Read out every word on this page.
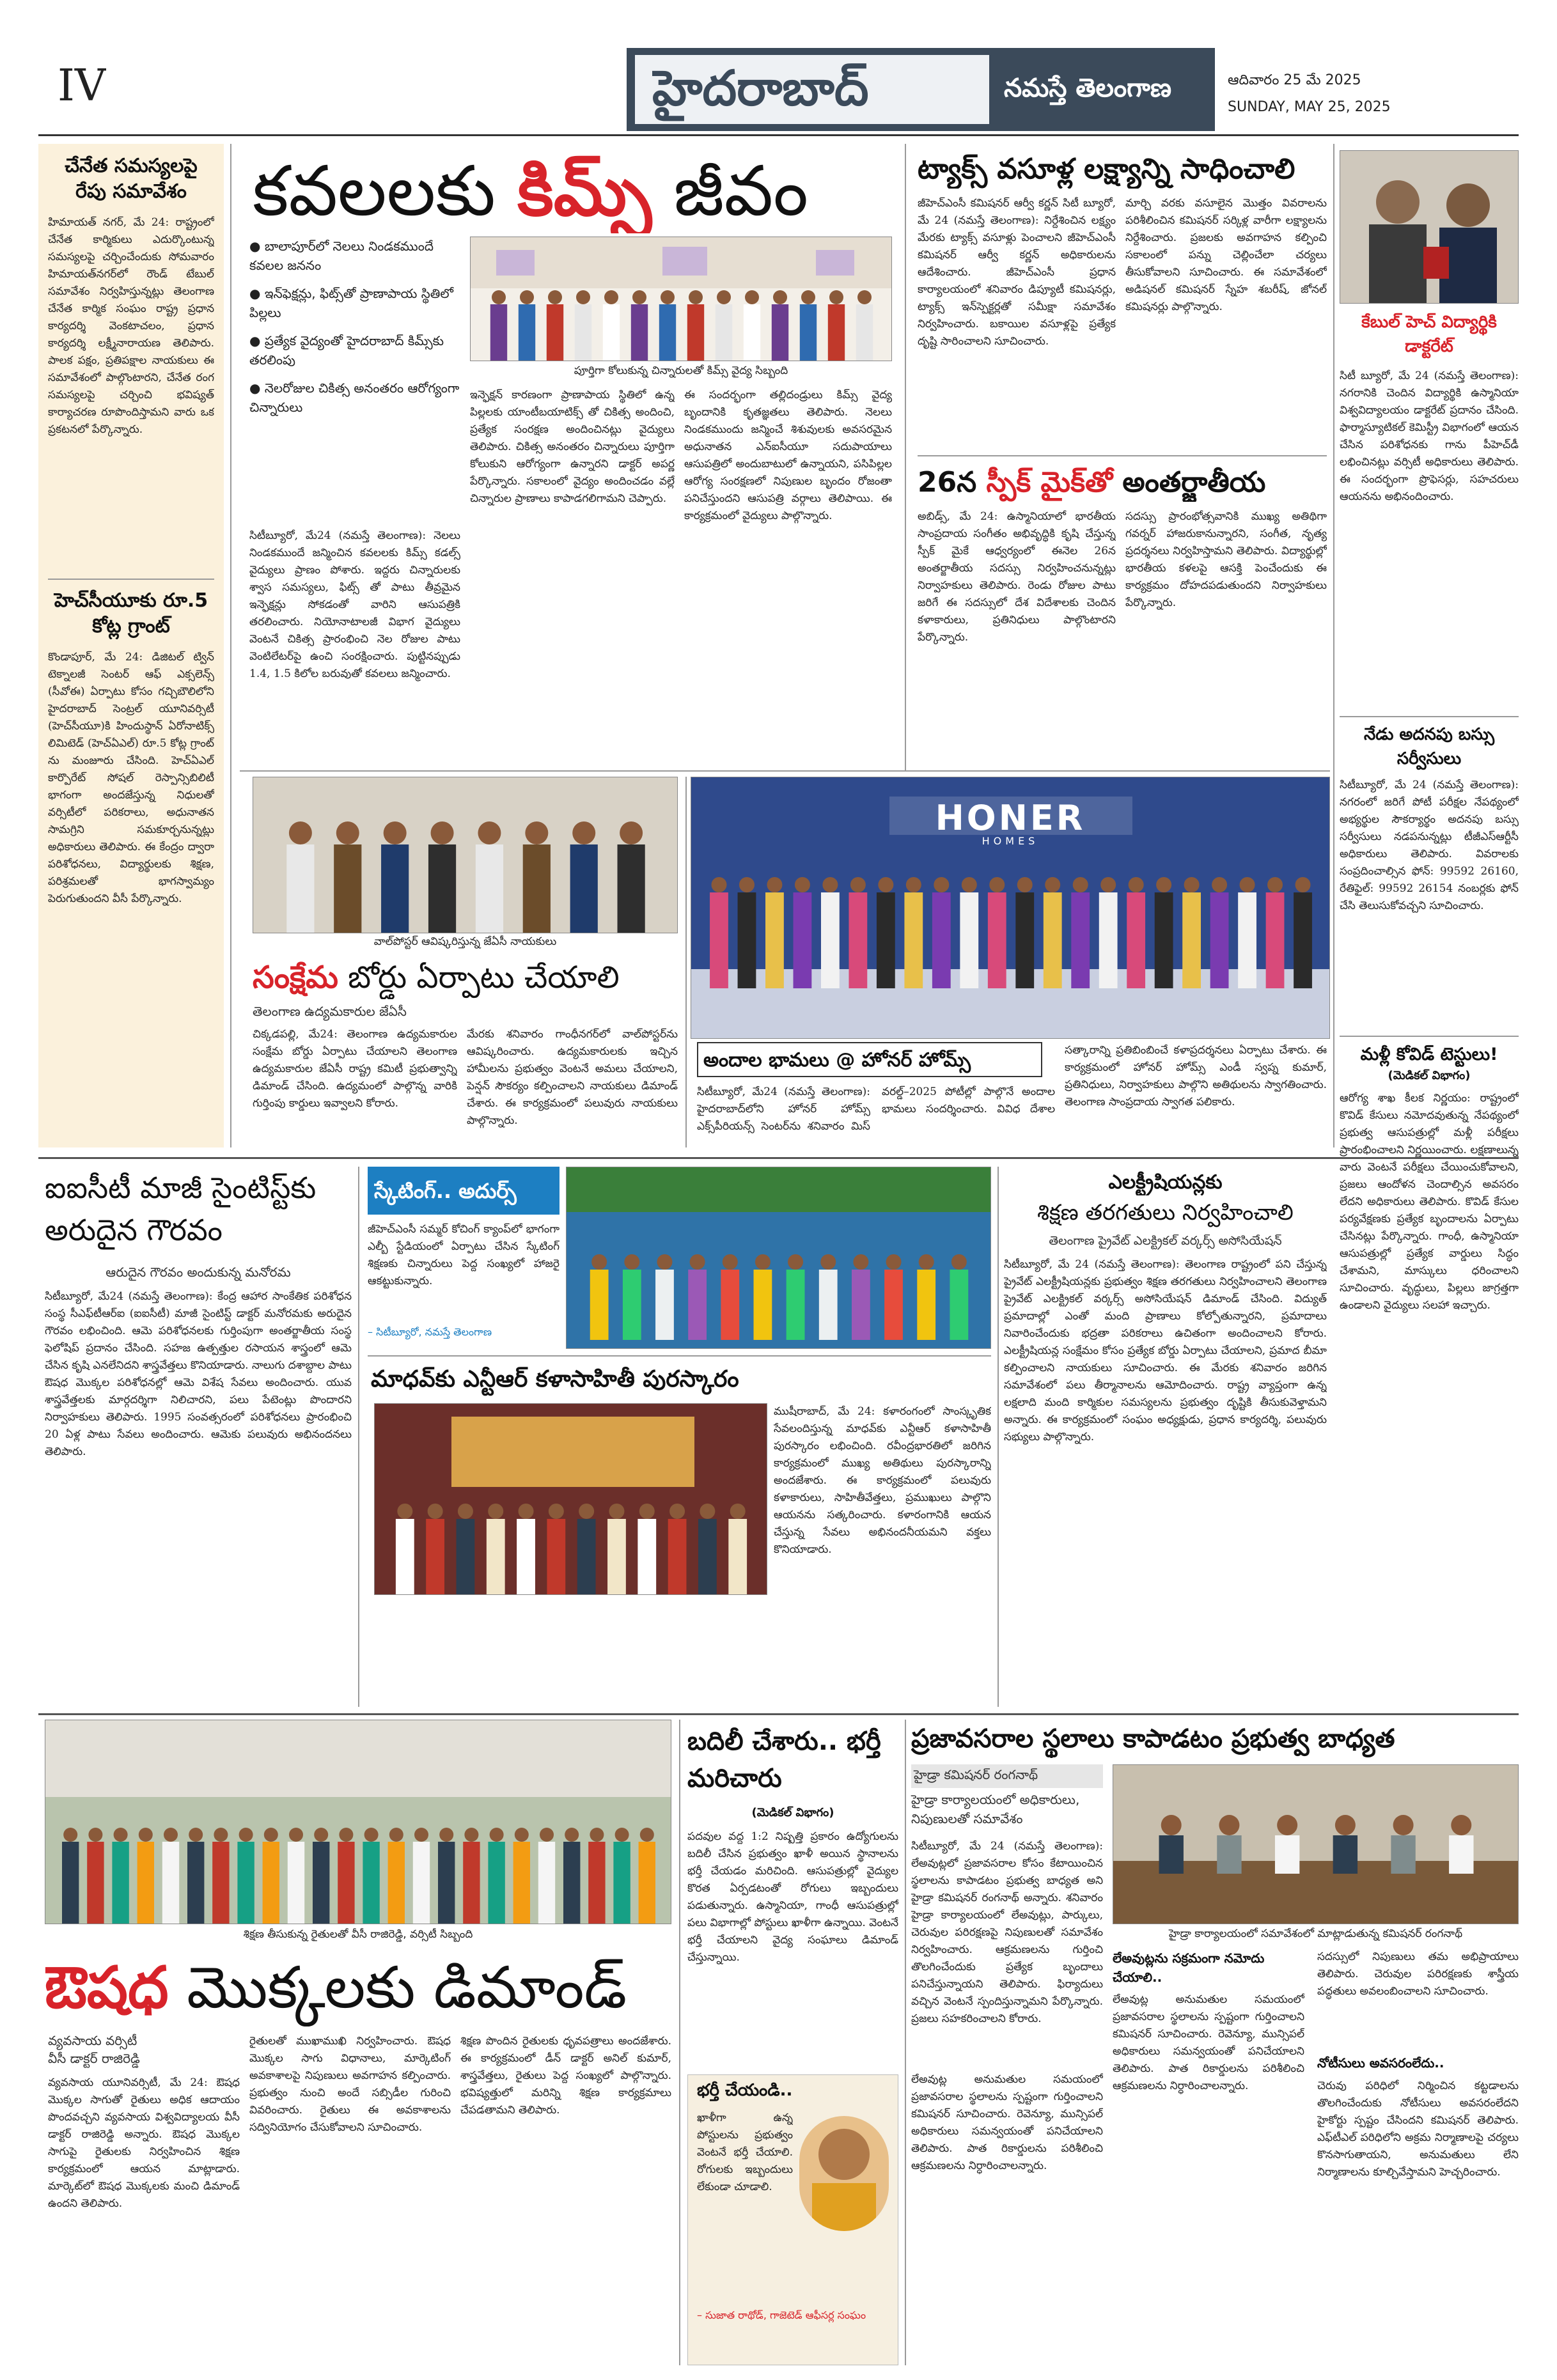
IV	హైదరాబాద్	నమస్తే తెలంగాణ	ఆదివారం 25 మే 2025
SUNDAY, MAY 25, 2025
చేనేత సమస్యలపై రేపు సమావేశం
హిమాయత్ నగర్, మే 24: రాష్ట్రంలో చేనేత కార్మికులు ఎదుర్కొంటున్న సమస్యలపై చర్చించేందుకు సోమవారం హిమాయత్‌నగర్‌లో రౌండ్ టేబుల్ సమావేశం నిర్వహిస్తున్నట్లు తెలంగాణ చేనేత కార్మిక సంఘం రాష్ట్ర ప్రధాన కార్యదర్శి వెంకటాచలం, ప్రధాన కార్యదర్శి లక్ష్మీనారాయణ తెలిపారు. పాలక పక్షం, ప్రతిపక్షాల నాయకులు ఈ సమావేశంలో పాల్గొంటారని, చేనేత రంగ సమస్యలపై చర్చించి భవిష్యత్ కార్యాచరణ రూపొందిస్తామని వారు ఒక ప్రకటనలో పేర్కొన్నారు.
హెచ్‌సీయూకు రూ.5 కోట్ల గ్రాంట్
కొండాపూర్, మే 24: డిజిటల్ ట్విన్ టెక్నాలజీ సెంటర్ ఆఫ్ ఎక్సలెన్స్ (సీవోఈ) ఏర్పాటు కోసం గచ్చిబౌలిలోని హైదరాబాద్ సెంట్రల్ యూనివర్సిటీ (హెచ్‌సీయూ)కి హిందుస్థాన్ ఏరోనాటిక్స్ లిమిటెడ్ (హెచ్‌ఏఎల్) రూ.5 కోట్ల గ్రాంట్ ను మంజూరు చేసింది. హెచ్‌ఏఎల్ కార్పొరేట్ సోషల్ రెస్పాన్సిబిలిటీ భాగంగా అందజేస్తున్న నిధులతో వర్సిటీలో పరికరాలు, అధునాతన సామగ్రిని సమకూర్చనున్నట్లు అధికారులు తెలిపారు. ఈ కేంద్రం ద్వారా పరిశోధనలు, విద్యార్థులకు శిక్షణ, పరిశ్రమలతో భాగస్వామ్యం పెరుగుతుందని వీసీ పేర్కొన్నారు.
కవలలకు కిమ్స్ జీవం
● బాలాపూర్‌లో నెలలు నిండకముందే కవలల జననం
● ఇన్‌ఫెక్షన్లు, ఫిట్స్‌తో ప్రాణాపాయ స్థితిలో పిల్లలు
● ప్రత్యేక వైద్యంతో హైదరాబాద్ కిమ్స్‌కు తరలింపు
● నెలరోజుల చికిత్స అనంతరం ఆరోగ్యంగా చిన్నారులు
పూర్తిగా కోలుకున్న చిన్నారులతో కిమ్స్ వైద్య సిబ్బంది
సిటీబ్యూరో, మే24 (నమస్తే తెలంగాణ): నెలలు నిండకముందే జన్మించిన కవలలకు కిమ్స్ కడల్స్ వైద్యులు ప్రాణం పోశారు. ఇద్దరు చిన్నారులకు శ్వాస సమస్యలు, ఫిట్స్ తో పాటు తీవ్రమైన ఇన్ఫెక్షన్లు సోకడంతో వారిని ఆసుపత్రికి తరలించారు. నియోనాటాలజీ విభాగ వైద్యులు వెంటనే చికిత్స ప్రారంభించి నెల రోజుల పాటు వెంటిలేటర్‌పై ఉంచి సంరక్షించారు. పుట్టినప్పుడు 1.4, 1.5 కిలోల బరువుతో కవలలు జన్మించారు.
ఇన్ఫెక్షన్ కారణంగా ప్రాణాపాయ స్థితిలో ఉన్న పిల్లలకు యాంటీబయాటిక్స్ తో చికిత్స అందించి, ప్రత్యేక సంరక్షణ అందించినట్లు వైద్యులు తెలిపారు. చికిత్స అనంతరం చిన్నారులు పూర్తిగా కోలుకుని ఆరోగ్యంగా ఉన్నారని డాక్టర్ అపర్ణ పేర్కొన్నారు. సకాలంలో వైద్యం అందించడం వల్లే చిన్నారుల ప్రాణాలు కాపాడగలిగామని చెప్పారు.
ఈ సందర్భంగా తల్లిదండ్రులు కిమ్స్ వైద్య బృందానికి కృతజ్ఞతలు తెలిపారు. నెలలు నిండకముందు జన్మించే శిశువులకు అవసరమైన అధునాతన ఎన్‌ఐసీయూ సదుపాయాలు ఆసుపత్రిలో అందుబాటులో ఉన్నాయని, పసిపిల్లల ఆరోగ్య సంరక్షణలో నిపుణుల బృందం రోజంతా పనిచేస్తుందని ఆసుపత్రి వర్గాలు తెలిపాయి. ఈ కార్యక్రమంలో వైద్యులు పాల్గొన్నారు.
ట్యాక్స్ వసూళ్ల లక్ష్యాన్ని సాధించాలి
జీహెచ్ఎంసీ కమిషనర్ ఆర్వీ కర్ణన్ సిటీ బ్యూరో, మే 24 (నమస్తే తెలంగాణ): నిర్దేశించిన లక్ష్యం మేరకు ట్యాక్స్ వసూళ్లు పెంచాలని జీహెచ్‌ఎంసీ కమిషనర్ ఆర్వీ కర్ణన్ అధికారులను ఆదేశించారు. జీహెచ్‌ఎంసీ ప్రధాన కార్యాలయంలో శనివారం డిప్యూటీ కమిషనర్లు, ట్యాక్స్ ఇన్‌స్పెక్టర్లతో సమీక్షా సమావేశం నిర్వహించారు. బకాయిల వసూళ్లపై ప్రత్యేక దృష్టి సారించాలని సూచించారు.
మార్చి వరకు వసూలైన మొత్తం వివరాలను పరిశీలించిన కమిషనర్ సర్కిళ్ల వారీగా లక్ష్యాలను నిర్దేశించారు. ప్రజలకు అవగాహన కల్పించి సకాలంలో పన్ను చెల్లించేలా చర్యలు తీసుకోవాలని సూచించారు. ఈ సమావేశంలో అడిషనల్ కమిషనర్ స్నేహ శబరీష్, జోనల్ కమిషనర్లు పాల్గొన్నారు.
26న స్పీక్ మైక్‌తో అంతర్జాతీయ
అబిడ్స్, మే 24: ఉస్మానియాలో భారతీయ సాంప్రదాయ సంగీతం అభివృద్ధికి కృషి చేస్తున్న స్పీక్ మైకే ఆధ్వర్యంలో ఈనెల 26న అంతర్జాతీయ సదస్సు నిర్వహించనున్నట్లు నిర్వాహకులు తెలిపారు. రెండు రోజుల పాటు జరిగే ఈ సదస్సులో దేశ విదేశాలకు చెందిన కళాకారులు, ప్రతినిధులు పాల్గొంటారని పేర్కొన్నారు.
సదస్సు ప్రారంభోత్సవానికి ముఖ్య అతిథిగా గవర్నర్ హాజరుకానున్నారని, సంగీత, నృత్య ప్రదర్శనలు నిర్వహిస్తామని తెలిపారు. విద్యార్థుల్లో భారతీయ కళలపై ఆసక్తి పెంచేందుకు ఈ కార్యక్రమం దోహదపడుతుందని నిర్వాహకులు పేర్కొన్నారు.
కేబుల్ హెచ్ విద్యార్థికి డాక్టరేట్
సిటీ బ్యూరో, మే 24 (నమస్తే తెలంగాణ): నగరానికి చెందిన విద్యార్థికి ఉస్మానియా విశ్వవిద్యాలయం డాక్టరేట్ ప్రదానం చేసింది. ఫార్మాస్యూటికల్ కెమిస్ట్రీ విభాగంలో ఆయన చేసిన పరిశోధనకు గాను పీహెచ్‌డీ లభించినట్లు వర్సిటీ అధికారులు తెలిపారు. ఈ సందర్భంగా ప్రొఫెసర్లు, సహచరులు ఆయనను అభినందించారు.
నేడు అదనపు బస్సు సర్వీసులు
సిటీబ్యూరో, మే 24 (నమస్తే తెలంగాణ): నగరంలో జరిగే పోటీ పరీక్షల నేపథ్యంలో అభ్యర్థుల సౌకర్యార్థం అదనపు బస్సు సర్వీసులు నడపనున్నట్లు టీజీఎస్ఆర్టీసీ అధికారులు తెలిపారు. వివరాలకు సంప్రదించాల్సిన ఫోన్: 99592 26160, రేతిఫైల్: 99592 26154 నంబర్లకు ఫోన్ చేసి తెలుసుకోవచ్చని సూచించారు.
మళ్లీ కోవిడ్ టెస్టులు!
(మెడికల్ విభాగం)
ఆరోగ్య శాఖ కీలక నిర్ణయం: రాష్ట్రంలో కొవిడ్ కేసులు నమోదవుతున్న నేపథ్యంలో ప్రభుత్వ ఆసుపత్రుల్లో మళ్లీ పరీక్షలు ప్రారంభించాలని నిర్ణయించారు. లక్షణాలున్న వారు వెంటనే పరీక్షలు చేయించుకోవాలని, ప్రజలు ఆందోళన చెందాల్సిన అవసరం లేదని అధికారులు తెలిపారు. కొవిడ్ కేసుల పర్యవేక్షణకు ప్రత్యేక బృందాలను ఏర్పాటు చేసినట్లు పేర్కొన్నారు. గాంధీ, ఉస్మానియా ఆసుపత్రుల్లో ప్రత్యేక వార్డులు సిద్ధం చేశామని, మాస్కులు ధరించాలని సూచించారు. వృద్ధులు, పిల్లలు జాగ్రత్తగా ఉండాలని వైద్యులు సలహా ఇచ్చారు.
వాల్‌పోస్టర్ ఆవిష్కరిస్తున్న జేఏసీ నాయకులు
సంక్షేమ బోర్డు ఏర్పాటు చేయాలి
తెలంగాణ ఉద్యమకారుల జేఏసీ
చిక్కడపల్లి, మే24: తెలంగాణ ఉద్యమకారుల సంక్షేమ బోర్డు ఏర్పాటు చేయాలని తెలంగాణ ఉద్యమకారుల జేఏసీ రాష్ట్ర కమిటీ ప్రభుత్వాన్ని డిమాండ్ చేసింది. ఉద్యమంలో పాల్గొన్న వారికి గుర్తింపు కార్డులు ఇవ్వాలని కోరారు.
మేరకు శనివారం గాంధీనగర్‌లో వాల్‌పోస్టర్‌ను ఆవిష్కరించారు. ఉద్యమకారులకు ఇచ్చిన హామీలను ప్రభుత్వం వెంటనే అమలు చేయాలని, పెన్షన్ సౌకర్యం కల్పించాలని నాయకులు డిమాండ్ చేశారు. ఈ కార్యక్రమంలో పలువురు నాయకులు పాల్గొన్నారు.
HONER
HOMES
అందాల భామలు @ హోనర్ హోమ్స్
సిటీబ్యూరో, మే24 (నమస్తే తెలంగాణ): హైదరాబాద్‌లోని హోనర్ హోమ్స్ ఎక్స్‌పీరియన్స్ సెంటర్‌ను శనివారం మిస్ వరల్డ్–2025 పోటీల్లో పాల్గొనే అందాల భామలు సందర్శించారు. వివిధ దేశాల
సత్కారాన్ని ప్రతిబింబించే కళాప్రదర్శనలు ఏర్పాటు చేశారు. ఈ కార్యక్రమంలో హోనర్ హోమ్స్ ఎండీ స్వప్న కుమార్, ప్రతినిధులు, నిర్వాహకులు పాల్గొని అతిథులను స్వాగతించారు. తెలంగాణ సాంప్రదాయ స్వాగత పలికారు.
ఐఐసీటీ మాజీ సైంటిస్ట్‌కు అరుదైన గౌరవం
ఆరుదైన గౌరవం అందుకున్న మనోరమ
సిటీబ్యూరో, మే24 (నమస్తే తెలంగాణ): కేంద్ర ఆహార సాంకేతిక పరిశోధన సంస్థ సీఎఫ్‌టీఆర్ఐ (ఐఐసీటీ) మాజీ సైంటిస్ట్ డాక్టర్ మనోరమకు అరుదైన గౌరవం లభించింది. ఆమె పరిశోధనలకు గుర్తింపుగా అంతర్జాతీయ సంస్థ ఫెలోషిప్ ప్రదానం చేసింది. సహజ ఉత్పత్తుల రసాయన శాస్త్రంలో ఆమె చేసిన కృషి ఎనలేనిదని శాస్త్రవేత్తలు కొనియాడారు. నాలుగు దశాబ్దాల పాటు ఔషధ మొక్కల పరిశోధనల్లో ఆమె విశేష సేవలు అందించారు. యువ శాస్త్రవేత్తలకు మార్గదర్శిగా నిలిచారని, పలు పేటెంట్లు పొందారని నిర్వాహకులు తెలిపారు. 1995 సంవత్సరంలో పరిశోధనలు ప్రారంభించి 20 ఏళ్ల పాటు సేవలు అందించారు. ఆమెకు పలువురు అభినందనలు తెలిపారు.
స్కేటింగ్.. అదుర్స్
జీహెచ్‌ఎంసీ సమ్మర్ కోచింగ్ క్యాంప్‌లో భాగంగా ఎల్బీ స్టేడియంలో ఏర్పాటు చేసిన స్కేటింగ్ శిక్షణకు చిన్నారులు పెద్ద సంఖ్యలో హాజరై ఆకట్టుకున్నారు.
– సిటీబ్యూరో, నమస్తే తెలంగాణ
ఎలక్ట్రీషియన్లకు
శిక్షణ తరగతులు నిర్వహించాలి
తెలంగాణ ప్రైవేట్ ఎలక్ట్రికల్ వర్కర్స్ అసోసియేషన్
సిటీబ్యూరో, మే 24 (నమస్తే తెలంగాణ): తెలంగాణ రాష్ట్రంలో పని చేస్తున్న ప్రైవేట్ ఎలక్ట్రీషియన్లకు ప్రభుత్వం శిక్షణ తరగతులు నిర్వహించాలని తెలంగాణ ప్రైవేట్ ఎలక్ట్రికల్ వర్కర్స్ అసోసియేషన్ డిమాండ్ చేసింది. విద్యుత్ ప్రమాదాల్లో ఎంతో మంది ప్రాణాలు కోల్పోతున్నారని, ప్రమాదాలు నివారించేందుకు భద్రతా పరికరాలు ఉచితంగా అందించాలని కోరారు. ఎలక్ట్రీషియన్ల సంక్షేమం కోసం ప్రత్యేక బోర్డు ఏర్పాటు చేయాలని, ప్రమాద బీమా కల్పించాలని నాయకులు సూచించారు. ఈ మేరకు శనివారం జరిగిన సమావేశంలో పలు తీర్మానాలను ఆమోదించారు. రాష్ట్ర వ్యాప్తంగా ఉన్న లక్షలాది మంది కార్మికుల సమస్యలను ప్రభుత్వం దృష్టికి తీసుకువెళ్తామని అన్నారు. ఈ కార్యక్రమంలో సంఘం అధ్యక్షుడు, ప్రధాన కార్యదర్శి, పలువురు సభ్యులు పాల్గొన్నారు.
మాధవ్‌కు ఎన్టీఆర్ కళాసాహితీ పురస్కారం
ముషీరాబాద్, మే 24: కళారంగంలో సాంస్కృతిక సేవలందిస్తున్న మాధవ్‌కు ఎన్టీఆర్ కళాసాహితీ పురస్కారం లభించింది. రవీంద్రభారతిలో జరిగిన కార్యక్రమంలో ముఖ్య అతిథులు పురస్కారాన్ని అందజేశారు. ఈ కార్యక్రమంలో పలువురు కళాకారులు, సాహితీవేత్తలు, ప్రముఖులు పాల్గొని ఆయనను సత్కరించారు. కళారంగానికి ఆయన చేస్తున్న సేవలు అభినందనీయమని వక్తలు కొనియాడారు.
శిక్షణ తీసుకున్న రైతులతో వీసీ రాజిరెడ్డి, వర్సిటీ సిబ్బంది
ఔషధ మొక్కలకు డిమాండ్
వ్యవసాయ వర్సిటీ
వీసీ డాక్టర్ రాజిరెడ్డి
వ్యవసాయ యూనివర్సిటీ, మే 24: ఔషధ మొక్కల సాగుతో రైతులు అధిక ఆదాయం పొందవచ్చని వ్యవసాయ విశ్వవిద్యాలయ వీసీ డాక్టర్ రాజిరెడ్డి అన్నారు. ఔషధ మొక్కల సాగుపై రైతులకు నిర్వహించిన శిక్షణ కార్యక్రమంలో ఆయన మాట్లాడారు. మార్కెట్‌లో ఔషధ మొక్కలకు మంచి డిమాండ్ ఉందని తెలిపారు.
రైతులతో ముఖాముఖి నిర్వహించారు. ఔషధ మొక్కల సాగు విధానాలు, మార్కెటింగ్ అవకాశాలపై నిపుణులు అవగాహన కల్పించారు. ప్రభుత్వం నుంచి అందే సబ్సిడీల గురించి వివరించారు. రైతులు ఈ అవకాశాలను సద్వినియోగం చేసుకోవాలని సూచించారు.
శిక్షణ పొందిన రైతులకు ధృవపత్రాలు అందజేశారు. ఈ కార్యక్రమంలో డీన్ డాక్టర్ అనిల్ కుమార్, శాస్త్రవేత్తలు, రైతులు పెద్ద సంఖ్యలో పాల్గొన్నారు. భవిష్యత్తులో మరిన్ని శిక్షణ కార్యక్రమాలు చేపడతామని తెలిపారు.
బదిలీ చేశారు.. భర్తీ మరిచారు
(మెడికల్ విభాగం)
పదవుల వద్ద 1:2 నిష్పత్తి ప్రకారం ఉద్యోగులను బదిలీ చేసిన ప్రభుత్వం ఖాళీ అయిన స్థానాలను భర్తీ చేయడం మరిచింది. ఆసుపత్రుల్లో వైద్యుల కొరత ఏర్పడటంతో రోగులు ఇబ్బందులు పడుతున్నారు. ఉస్మానియా, గాంధీ ఆసుపత్రుల్లో పలు విభాగాల్లో పోస్టులు ఖాళీగా ఉన్నాయి. వెంటనే భర్తీ చేయాలని వైద్య సంఘాలు డిమాండ్ చేస్తున్నాయి.
భర్తీ చేయండి..
ఖాళీగా ఉన్న పోస్టులను ప్రభుత్వం వెంటనే భర్తీ చేయాలి. రోగులకు ఇబ్బందులు లేకుండా చూడాలి.
– సుజాత రాథోడ్, గాజెటెడ్ ఆఫీసర్ల సంఘం
ప్రజావసరాల స్థలాలు కాపాడటం ప్రభుత్వ బాధ్యత
హైడ్రా కమిషనర్ రంగనాథ్
హైడ్రా కార్యాలయంలో అధికారులు, నిపుణులతో సమావేశం
హైడ్రా కార్యాలయంలో సమావేశంలో మాట్లాడుతున్న కమిషనర్ రంగనాథ్
సిటీబ్యూరో, మే 24 (నమస్తే తెలంగాణ): లేఅవుట్లలో ప్రజావసరాల కోసం కేటాయించిన స్థలాలను కాపాడటం ప్రభుత్వ బాధ్యత అని హైడ్రా కమిషనర్ రంగనాథ్ అన్నారు. శనివారం హైడ్రా కార్యాలయంలో లేఅవుట్లు, పార్కులు, చెరువుల పరిరక్షణపై నిపుణులతో సమావేశం నిర్వహించారు. ఆక్రమణలను గుర్తించి తొలగించేందుకు ప్రత్యేక బృందాలు పనిచేస్తున్నాయని తెలిపారు. ఫిర్యాదులు వచ్చిన వెంటనే స్పందిస్తున్నామని పేర్కొన్నారు. ప్రజలు సహకరించాలని కోరారు.
లేఅవుట్లను సక్రమంగా నమోదు చేయాలి..
లేఅవుట్ల అనుమతుల సమయంలో ప్రజావసరాల స్థలాలను స్పష్టంగా గుర్తించాలని కమిషనర్ సూచించారు. రెవెన్యూ, మున్సిపల్ అధికారులు సమన్వయంతో పనిచేయాలని తెలిపారు. పాత రికార్డులను పరిశీలించి ఆక్రమణలను నిర్ధారించాలన్నారు.
సదస్సులో నిపుణులు తమ అభిప్రాయాలు తెలిపారు. చెరువుల పరిరక్షణకు శాస్త్రీయ పద్ధతులు అవలంబించాలని సూచించారు.
నోటీసులు అవసరంలేదు..
చెరువు పరిధిలో నిర్మించిన కట్టడాలను తొలగించేందుకు నోటీసులు అవసరంలేదని హైకోర్టు స్పష్టం చేసిందని కమిషనర్ తెలిపారు. ఎఫ్‌టీఎల్ పరిధిలోని అక్రమ నిర్మాణాలపై చర్యలు కొనసాగుతాయని, అనుమతులు లేని నిర్మాణాలను కూల్చివేస్తామని హెచ్చరించారు.
లేఅవుట్ల అనుమతుల సమయంలో ప్రజావసరాల స్థలాలను స్పష్టంగా గుర్తించాలని కమిషనర్ సూచించారు. రెవెన్యూ, మున్సిపల్ అధికారులు సమన్వయంతో పనిచేయాలని తెలిపారు. పాత రికార్డులను పరిశీలించి ఆక్రమణలను నిర్ధారించాలన్నారు.
